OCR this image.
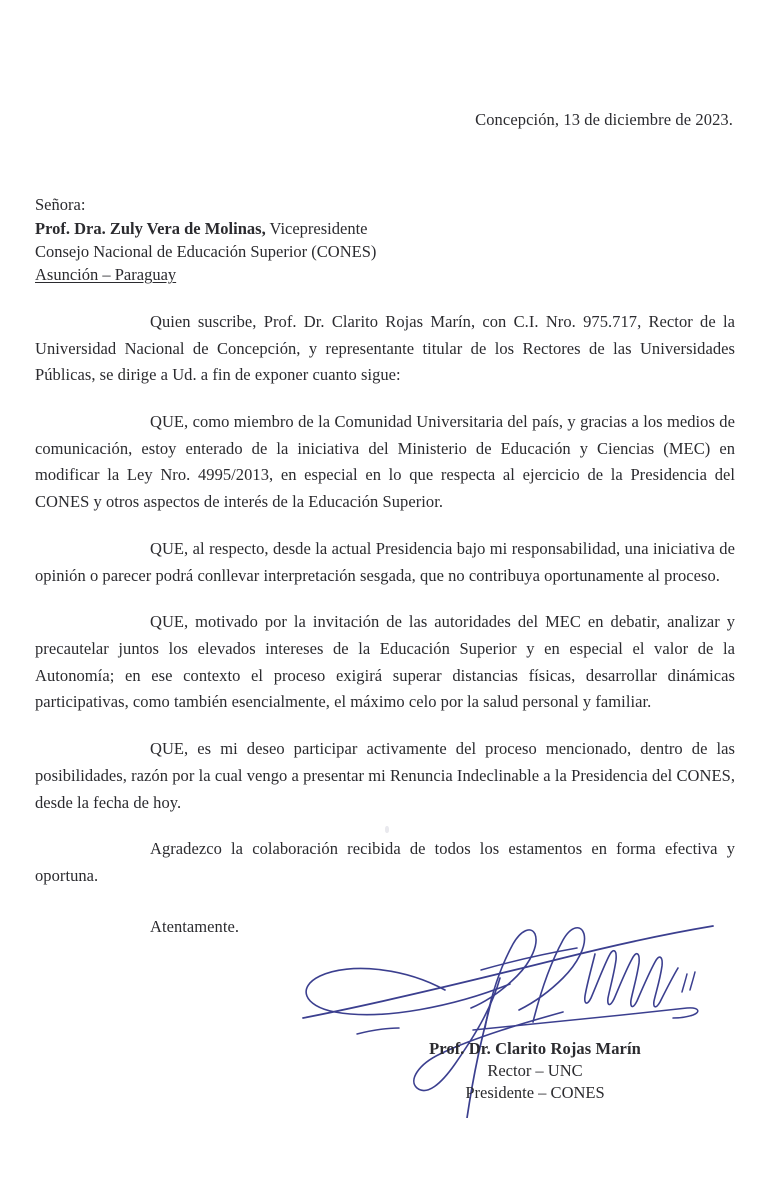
Concepción, 13 de diciembre de 2023.
Señora:
Prof. Dra. Zuly Vera de Molinas, Vicepresidente
Consejo Nacional de Educación Superior (CONES)
Asunción – Paraguay

Quien suscribe, Prof. Dr. Clarito Rojas Marín, con C.I. Nro. 975.717, Rector de la Universidad Nacional de Concepción, y representante titular de los Rectores de las Universidades Públicas, se dirige a Ud. a fin de exponer cuanto sigue:

QUE, como miembro de la Comunidad Universitaria del país, y gracias a los medios de comunicación, estoy enterado de la iniciativa del Ministerio de Educación y Ciencias (MEC) en modificar la Ley Nro. 4995/2013, en especial en lo que respecta al ejercicio de la Presidencia del CONES y otros aspectos de interés de la Educación Superior.

QUE, al respecto, desde la actual Presidencia bajo mi responsabilidad, una iniciativa de opinión o parecer podrá conllevar interpretación sesgada, que no contribuya oportunamente al proceso.

QUE, motivado por la invitación de las autoridades del MEC en debatir, analizar y precautelar juntos los elevados intereses de la Educación Superior y en especial el valor de la Autonomía; en ese contexto el proceso exigirá superar distancias físicas, desarrollar dinámicas participativas, como también esencialmente, el máximo celo por la salud personal y familiar.

QUE, es mi deseo participar activamente del proceso mencionado, dentro de las posibilidades, razón por la cual vengo a presentar mi Renuncia Indeclinable a la Presidencia del CONES, desde la fecha de hoy.

Agradezco la colaboración recibida de todos los estamentos en forma efectiva y oportuna.

Atentamente.

Prof. Dr. Clarito Rojas Marín
Rector – UNC
Presidente – CONES
